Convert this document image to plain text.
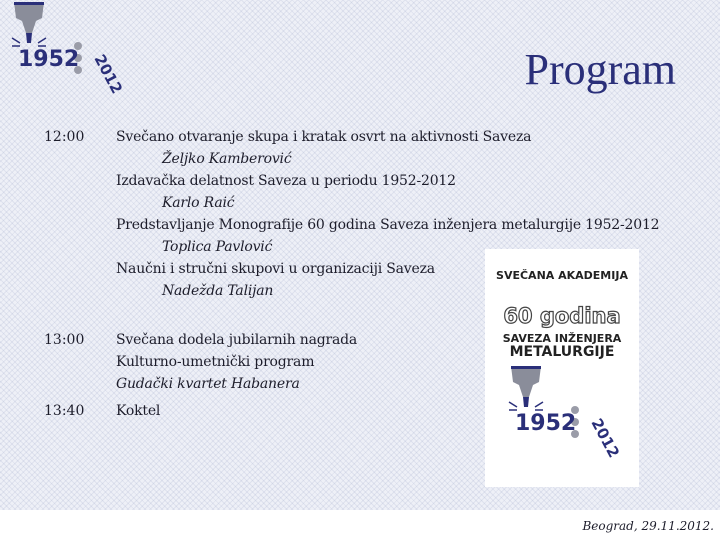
1952 2012	Program
12:00 Svečano otvaranje skupa i kratak osvrt na aktivnosti Saveza
Željko Kamberović
Izdavačka delatnost Saveza u periodu 1952-2012
Karlo Raić
Predstavljanje Monografije 60 godina Saveza inženjera metalurgije 1952-2012
Toplica Pavlović
Naučni i stručni skupovi u organizaciji Saveza
Nadežda Talijan
13:00 Svečana dodela jubilarnih nagrada
Kulturno-umetnički program
Gudački kvartet Habanera
13:40 Koktel
SVEČANA AKADEMIJA
60 godina
SAVEZA INŽENJERA
METALURGIJE
1952 2012
Beograd, 29.11.2012.
